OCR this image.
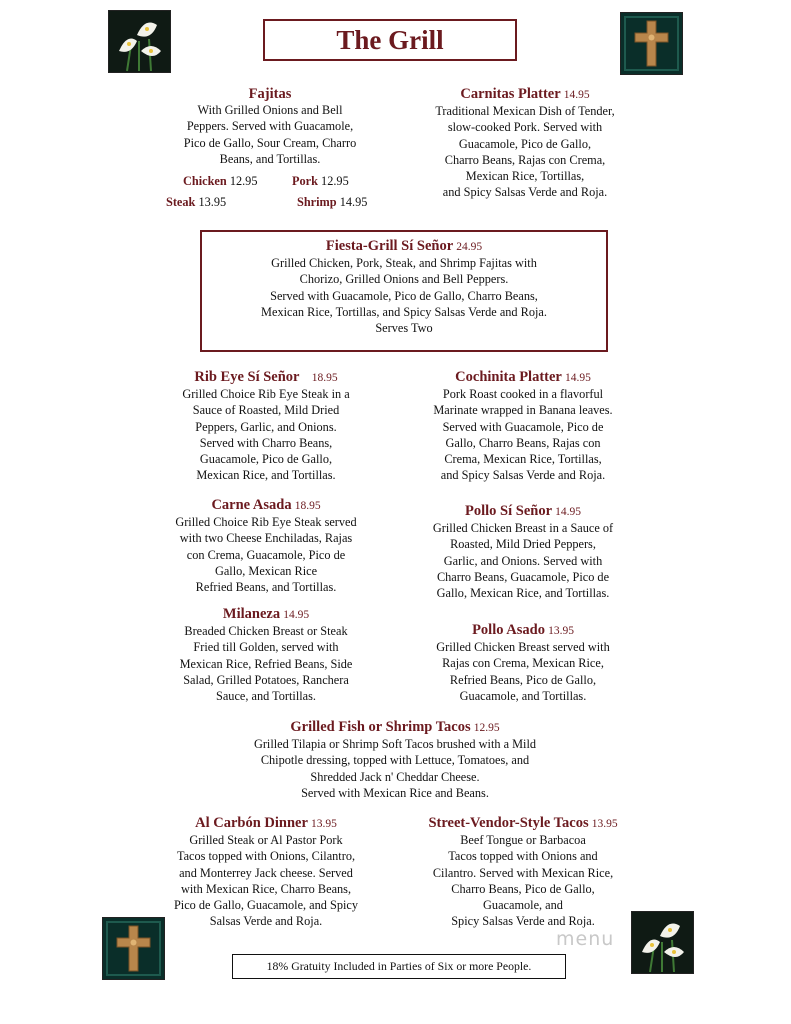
The Grill
Fajitas
With Grilled Onions and Bell
Peppers. Served with Guacamole,
Pico de Gallo, Sour Cream, Charro
Beans, and Tortillas.
Chicken 12.95	Pork 12.95
Steak 13.95	Shrimp 14.95
Carnitas Platter 14.95
Traditional Mexican Dish of Tender,
slow-cooked Pork. Served with
Guacamole, Pico de Gallo,
Charro Beans, Rajas con Crema,
Mexican Rice, Tortillas,
and Spicy Salsas Verde and Roja.
Fiesta-Grill Sí Señor 24.95
Grilled Chicken, Pork, Steak, and Shrimp Fajitas with
Chorizo, Grilled Onions and Bell Peppers.
Served with Guacamole, Pico de Gallo, Charro Beans,
Mexican Rice, Tortillas, and Spicy Salsas Verde and Roja.
Serves Two
Rib Eye Sí Señor 18.95
Grilled Choice Rib Eye Steak in a
Sauce of Roasted, Mild Dried
Peppers, Garlic, and Onions.
Served with Charro Beans,
Guacamole, Pico de Gallo,
Mexican Rice, and Tortillas.
Cochinita Platter 14.95
Pork Roast cooked in a flavorful
Marinate wrapped in Banana leaves.
Served with Guacamole, Pico de
Gallo, Charro Beans, Rajas con
Crema, Mexican Rice, Tortillas,
and Spicy Salsas Verde and Roja.
Carne Asada 18.95
Grilled Choice Rib Eye Steak served
with two Cheese Enchiladas, Rajas
con Crema, Guacamole, Pico de
Gallo, Mexican Rice
Refried Beans, and Tortillas.
Pollo Sí Señor 14.95
Grilled Chicken Breast in a Sauce of
Roasted, Mild Dried Peppers,
Garlic, and Onions. Served with
Charro Beans, Guacamole, Pico de
Gallo, Mexican Rice, and Tortillas.
Milaneza 14.95
Breaded Chicken Breast or Steak
Fried till Golden, served with
Mexican Rice, Refried Beans, Side
Salad, Grilled Potatoes, Ranchera
Sauce, and Tortillas.
Pollo Asado 13.95
Grilled Chicken Breast served with
Rajas con Crema, Mexican Rice,
Refried Beans, Pico de Gallo,
Guacamole, and Tortillas.
Grilled Fish or Shrimp Tacos 12.95
Grilled Tilapia or Shrimp Soft Tacos brushed with a Mild
Chipotle dressing, topped with Lettuce, Tomatoes, and
Shredded Jack n' Cheddar Cheese.
Served with Mexican Rice and Beans.
Al Carbón Dinner 13.95
Grilled Steak or Al Pastor Pork
Tacos topped with Onions, Cilantro,
and Monterrey Jack cheese. Served
with Mexican Rice, Charro Beans,
Pico de Gallo, Guacamole, and Spicy
Salsas Verde and Roja.
Street-Vendor-Style Tacos 13.95
Beef Tongue or Barbacoa
Tacos topped with Onions and
Cilantro. Served with Mexican Rice,
Charro Beans, Pico de Gallo,
Guacamole, and
Spicy Salsas Verde and Roja.
18% Gratuity Included in Parties of Six or more People.
menu
